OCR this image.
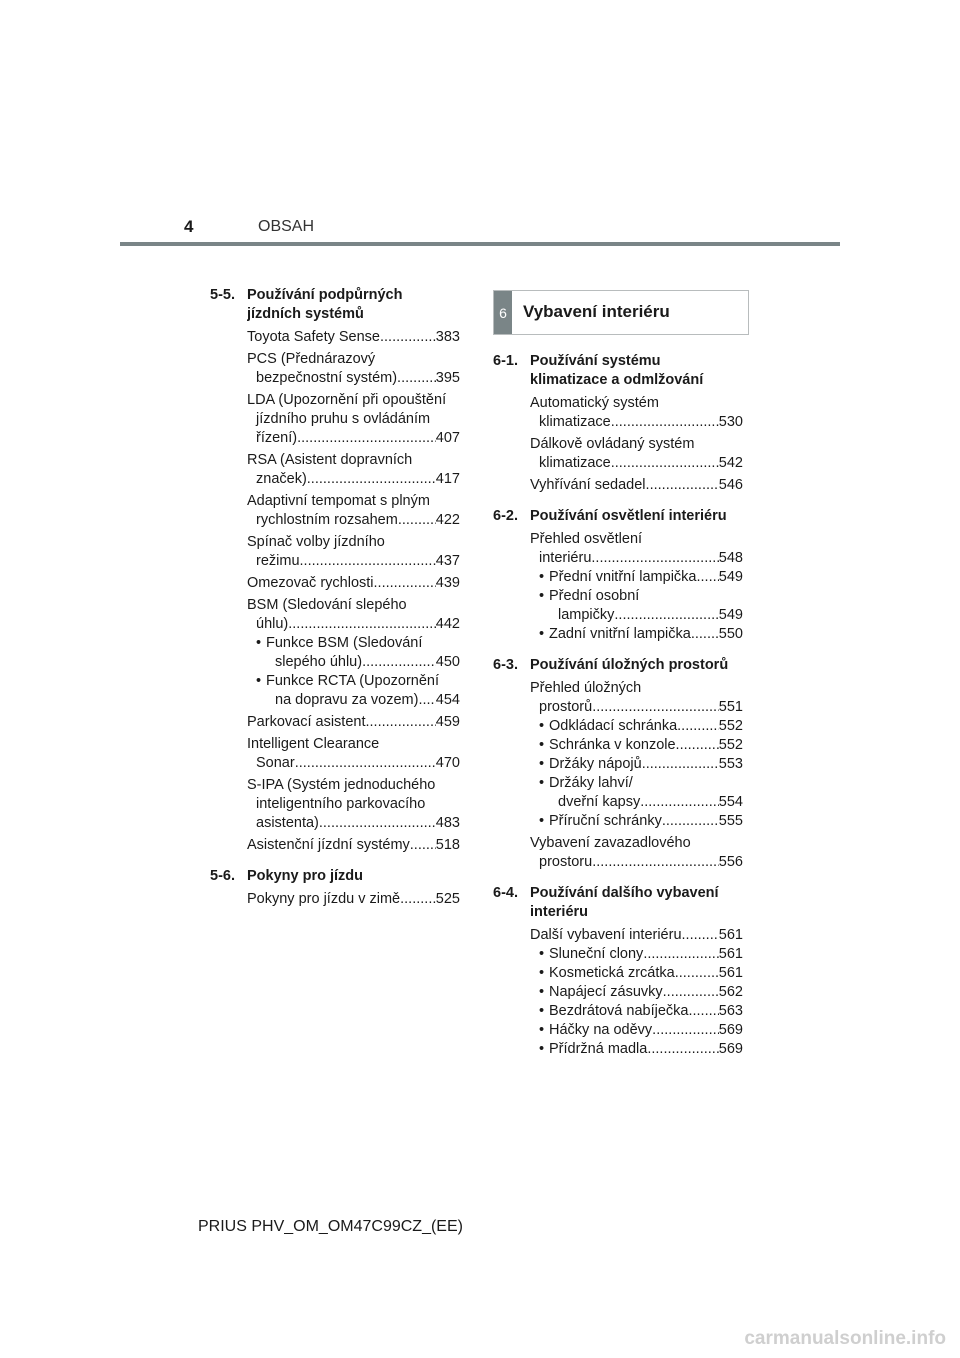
4	OBSAH
5-5. Používání podpůrných
jízdních systémů
Toyota Safety Sense .....	383
PCS (Přednárazový
bezpečnostní systém) .....	395
LDA (Upozornění při opouštění
jízdního pruhu s ovládáním
řízení) .....	407
RSA (Asistent dopravních
značek) .....	417
Adaptivní tempomat s plným
rychlostním rozsahem .....	422
Spínač volby jízdního
režimu .....	437
Omezovač rychlosti .....	439
BSM (Sledování slepého
úhlu) .....	442
• Funkce BSM (Sledování
slepého úhlu) .....	450
• Funkce RCTA (Upozornění
na dopravu za vozem) ..... 454
Parkovací asistent .....	459
Intelligent Clearance
Sonar .....	470
S-IPA (Systém jednoduchého
inteligentního parkovacího
asistenta) .....	483
Asistenční jízdní systémy ..... 518
5-6. Pokyny pro jízdu
Pokyny pro jízdu v zimě ..... 525
6 Vybavení interiéru
6-1. Používání systému
klimatizace a odmlžování
Automatický systém
klimatizace .....	530
Dálkově ovládaný systém
klimatizace .....	542
Vyhřívání sedadel .....	546
6-2. Používání osvětlení interiéru
Přehled osvětlení
interiéru .....	548
• Přední vnitřní lampička ..... 549
• Přední osobní
lampičky .....	549
• Zadní vnitřní lampička ..... 550
6-3. Používání úložných prostorů
Přehled úložných
prostorů .....	551
• Odkládací schránka .....	552
• Schránka v konzole .....	552
• Držáky nápojů .....	553
• Držáky lahví/
dveřní kapsy .....	554
• Příruční schránky .....	555
Vybavení zavazadlového
prostoru .....	556
6-4. Používání dalšího vybavení
interiéru
Další vybavení interiéru .....	561
• Sluneční clony .....	561
• Kosmetická zrcátka .....	561
• Napájecí zásuvky .....	562
• Bezdrátová nabíječka ..... 563
• Háčky na oděvy .....	569
• Přídržná madla .....	569
PRIUS PHV_OM_OM47C99CZ_(EE)
carmanualsonline.info
